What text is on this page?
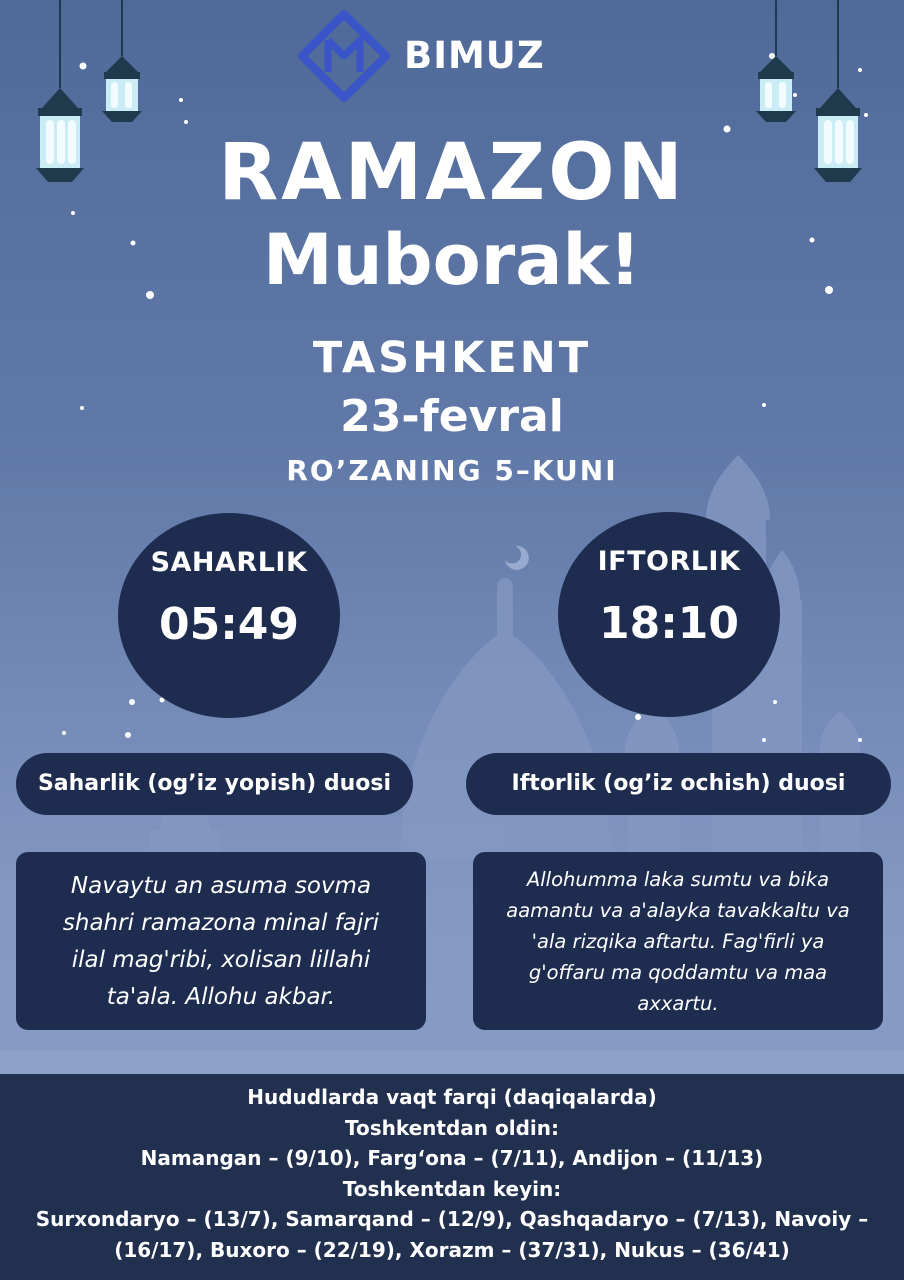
BIMUZ
RAMAZON
Muborak!
TASHKENT
23-fevral
RO’ZANING 5–KUNI
SAHARLIK
05:49
IFTORLIK
18:10
Saharlik (og’iz yopish) duosi	Iftorlik (og’iz ochish) duosi
Navaytu an asuma sovma
shahri ramazona minal fajri
ilal mag'ribi, xolisan lillahi
ta'ala. Allohu akbar.
Allohumma laka sumtu va bika
aamantu va a'alayka tavakkaltu va
'ala rizqika aftartu. Fag'firli ya
g'offaru ma qoddamtu va maa
axxartu.
Hududlarda vaqt farqi (daqiqalarda)
Toshkentdan oldin:
Namangan – (9/10), Farg‘ona – (7/11), Andijon – (11/13)
Toshkentdan keyin:
Surxondaryo – (13/7), Samarqand – (12/9), Qashqadaryo – (7/13), Navoiy –
(16/17), Buxoro – (22/19), Xorazm – (37/31), Nukus – (36/41)
